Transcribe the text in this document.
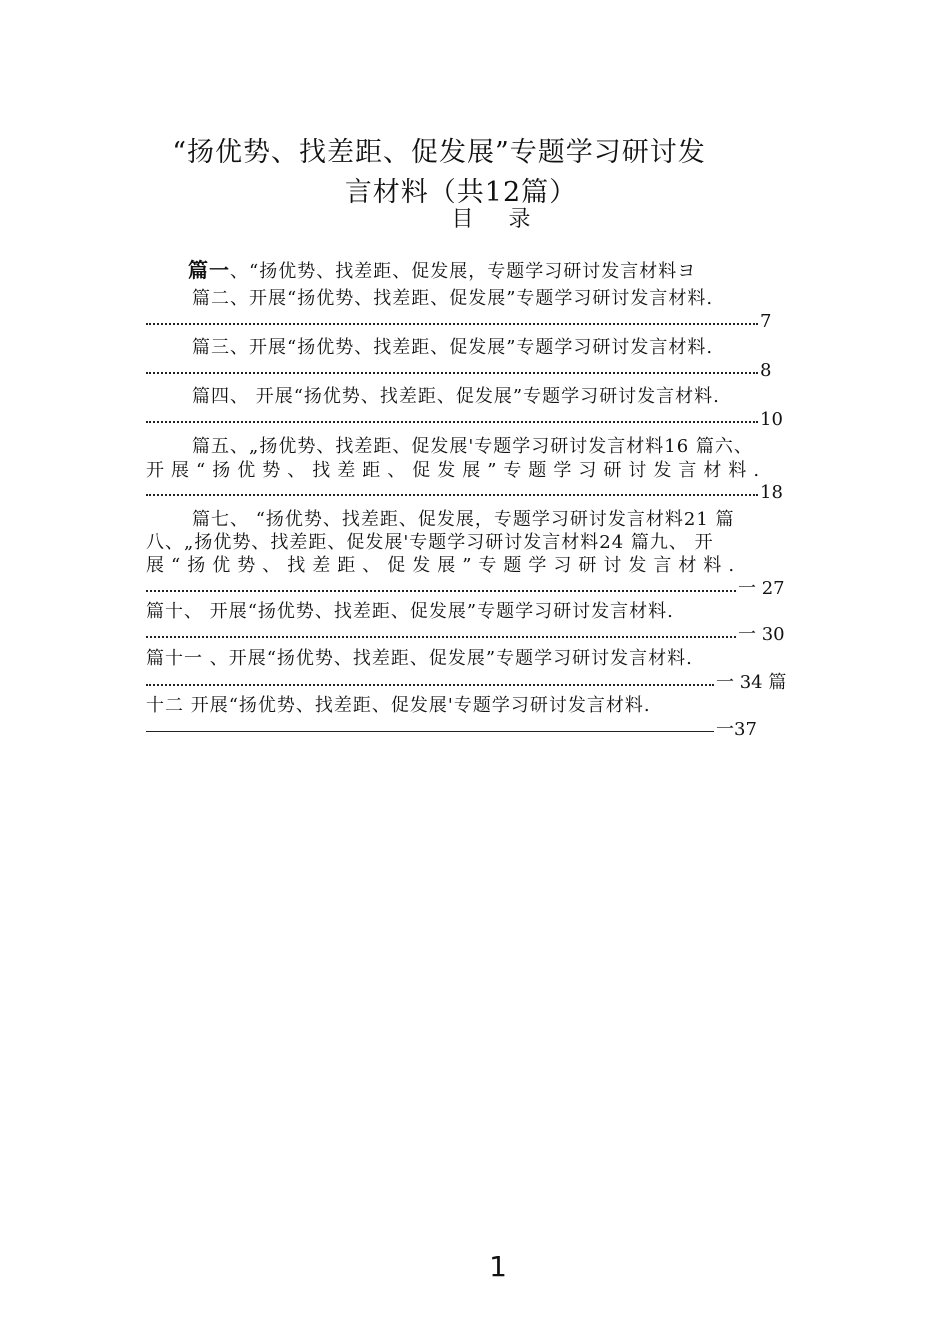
“扬优势、找差距、促发展”专题学习研讨发
言材料（共12篇）
目 录
篇一、“扬优势、找差距、促发展，专题学习研讨发言材料ヨ
篇二、开展“扬优势、找差距、促发展”专题学习研讨发言材料.
7
篇三、开展“扬优势、找差距、促发展”专题学习研讨发言材料.
8
篇四、 开展“扬优势、找差距、促发展”专题学习研讨发言材料.
10
篇五、„扬优势、找差距、促发展'专题学习研讨发言材料16 篇六、
开展“扬优势、找差距、促发展”专题学习研讨发言材料.
18
篇七、 “扬优势、找差距、促发展，专题学习研讨发言材料21 篇
八、„扬优势、找差距、促发展'专题学习研讨发言材料24 篇九、 开
展“扬优势、找差距、促发展”专题学习研讨发言材料.
一 27
篇十、 开展“扬优势、找差距、促发展”专题学习研讨发言材料.
一 30
篇十一 、开展“扬优势、找差距、促发展”专题学习研讨发言材料.
一 34 篇
十二 开展“扬优势、找差距、促发展'专题学习研讨发言材料.
一37
1
